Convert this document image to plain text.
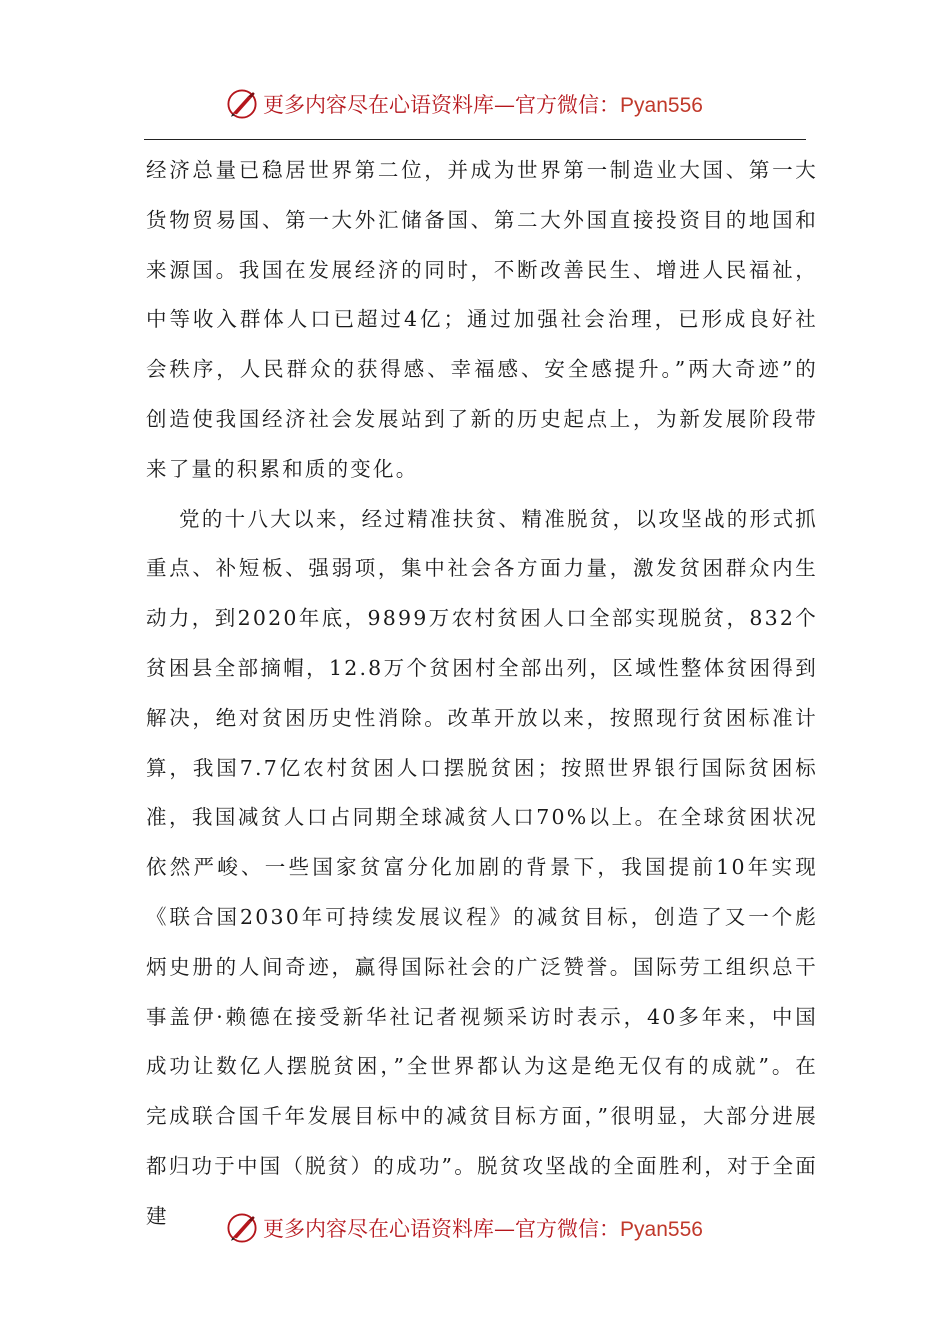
更多内容尽在心语资料库—官方微信：Pyan556

经济总量已稳居世界第二位，并成为世界第一制造业大国、第一大货物贸易国、第一大外汇储备国、第二大外国直接投资目的地国和来源国。我国在发展经济的同时，不断改善民生、增进人民福祉，中等收入群体人口已超过4亿；通过加强社会治理，已形成良好社会秩序，人民群众的获得感、幸福感、安全感提升。”两大奇迹”的创造使我国经济社会发展站到了新的历史起点上，为新发展阶段带来了量的积累和质的变化。

党的十八大以来，经过精准扶贫、精准脱贫，以攻坚战的形式抓重点、补短板、强弱项，集中社会各方面力量，激发贫困群众内生动力，到2020年底，9899万农村贫困人口全部实现脱贫，832个贫困县全部摘帽，12.8万个贫困村全部出列，区域性整体贫困得到解决，绝对贫困历史性消除。改革开放以来，按照现行贫困标准计算，我国7.7亿农村贫困人口摆脱贫困；按照世界银行国际贫困标准，我国减贫人口占同期全球减贫人口70%以上。在全球贫困状况依然严峻、一些国家贫富分化加剧的背景下，我国提前10年实现《联合国2030年可持续发展议程》的减贫目标，创造了又一个彪炳史册的人间奇迹，赢得国际社会的广泛赞誉。国际劳工组织总干事盖伊·赖德在接受新华社记者视频采访时表示，40多年来，中国成功让数亿人摆脱贫困，”全世界都认为这是绝无仅有的成就”。在完成联合国千年发展目标中的减贫目标方面，”很明显，大部分进展都归功于中国（脱贫）的成功”。脱贫攻坚战的全面胜利，对于全面建

更多内容尽在心语资料库—官方微信：Pyan556
